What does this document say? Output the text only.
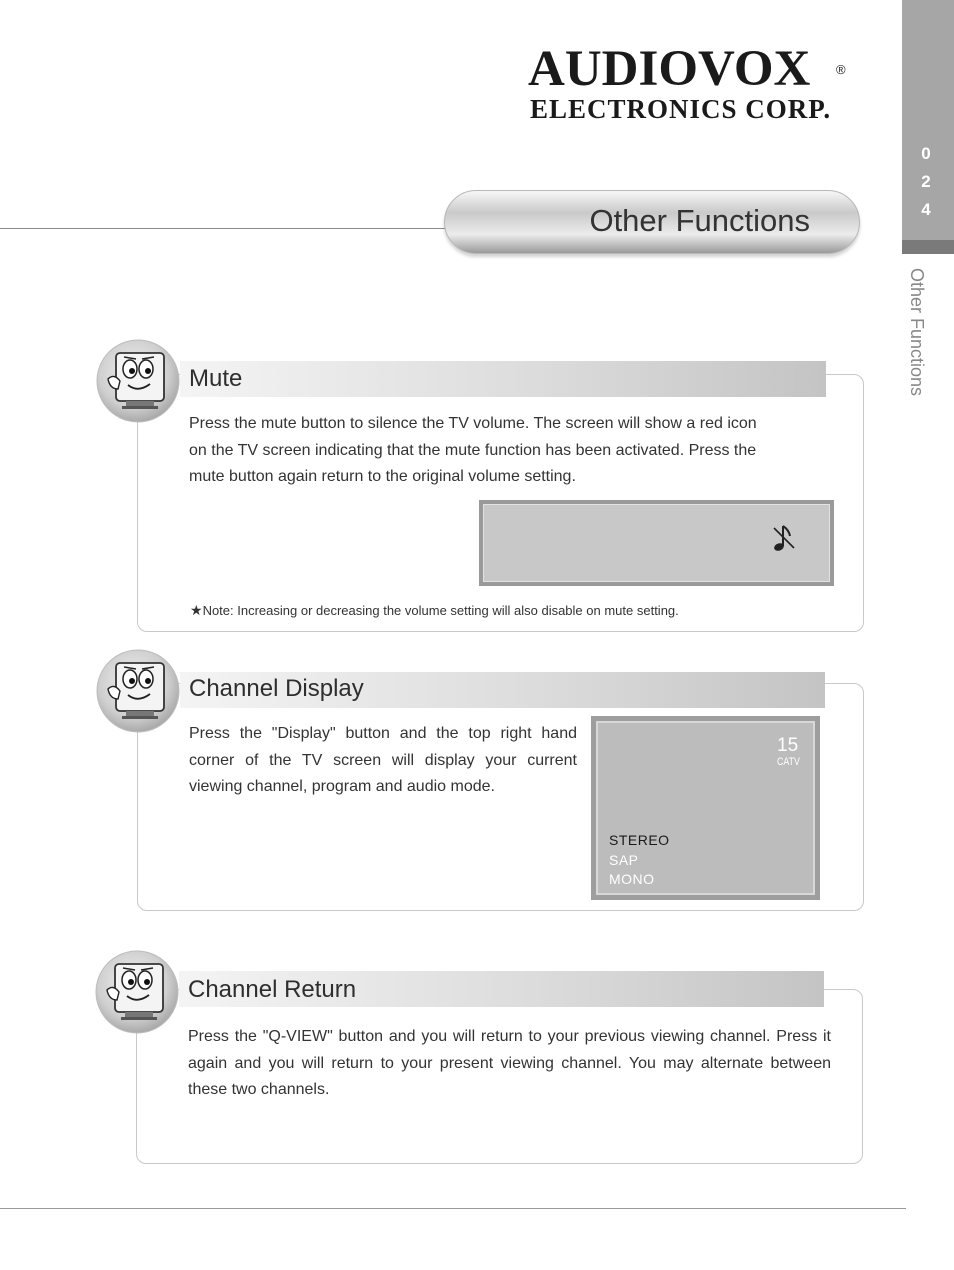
AUDIOVOX	®
ELECTRONICS CORP.
0
2
4
Other Functions
Other Functions
Mute
Press the mute button to silence the TV volume. The screen will show a red icon
on the TV screen indicating that the mute function has been activated. Press the
mute button again return to the original volume setting.
★Note: Increasing or decreasing the volume setting will also disable on mute setting.
Channel Display
Press the "Display" button and the top right hand corner of the TV screen will display your current viewing channel, program and audio mode.
15
CATV
STEREO
SAP
MONO
Channel Return
Press the "Q-VIEW" button and you will return to your previous viewing channel. Press it again and you will return to your present viewing channel. You may alternate between these two channels.
